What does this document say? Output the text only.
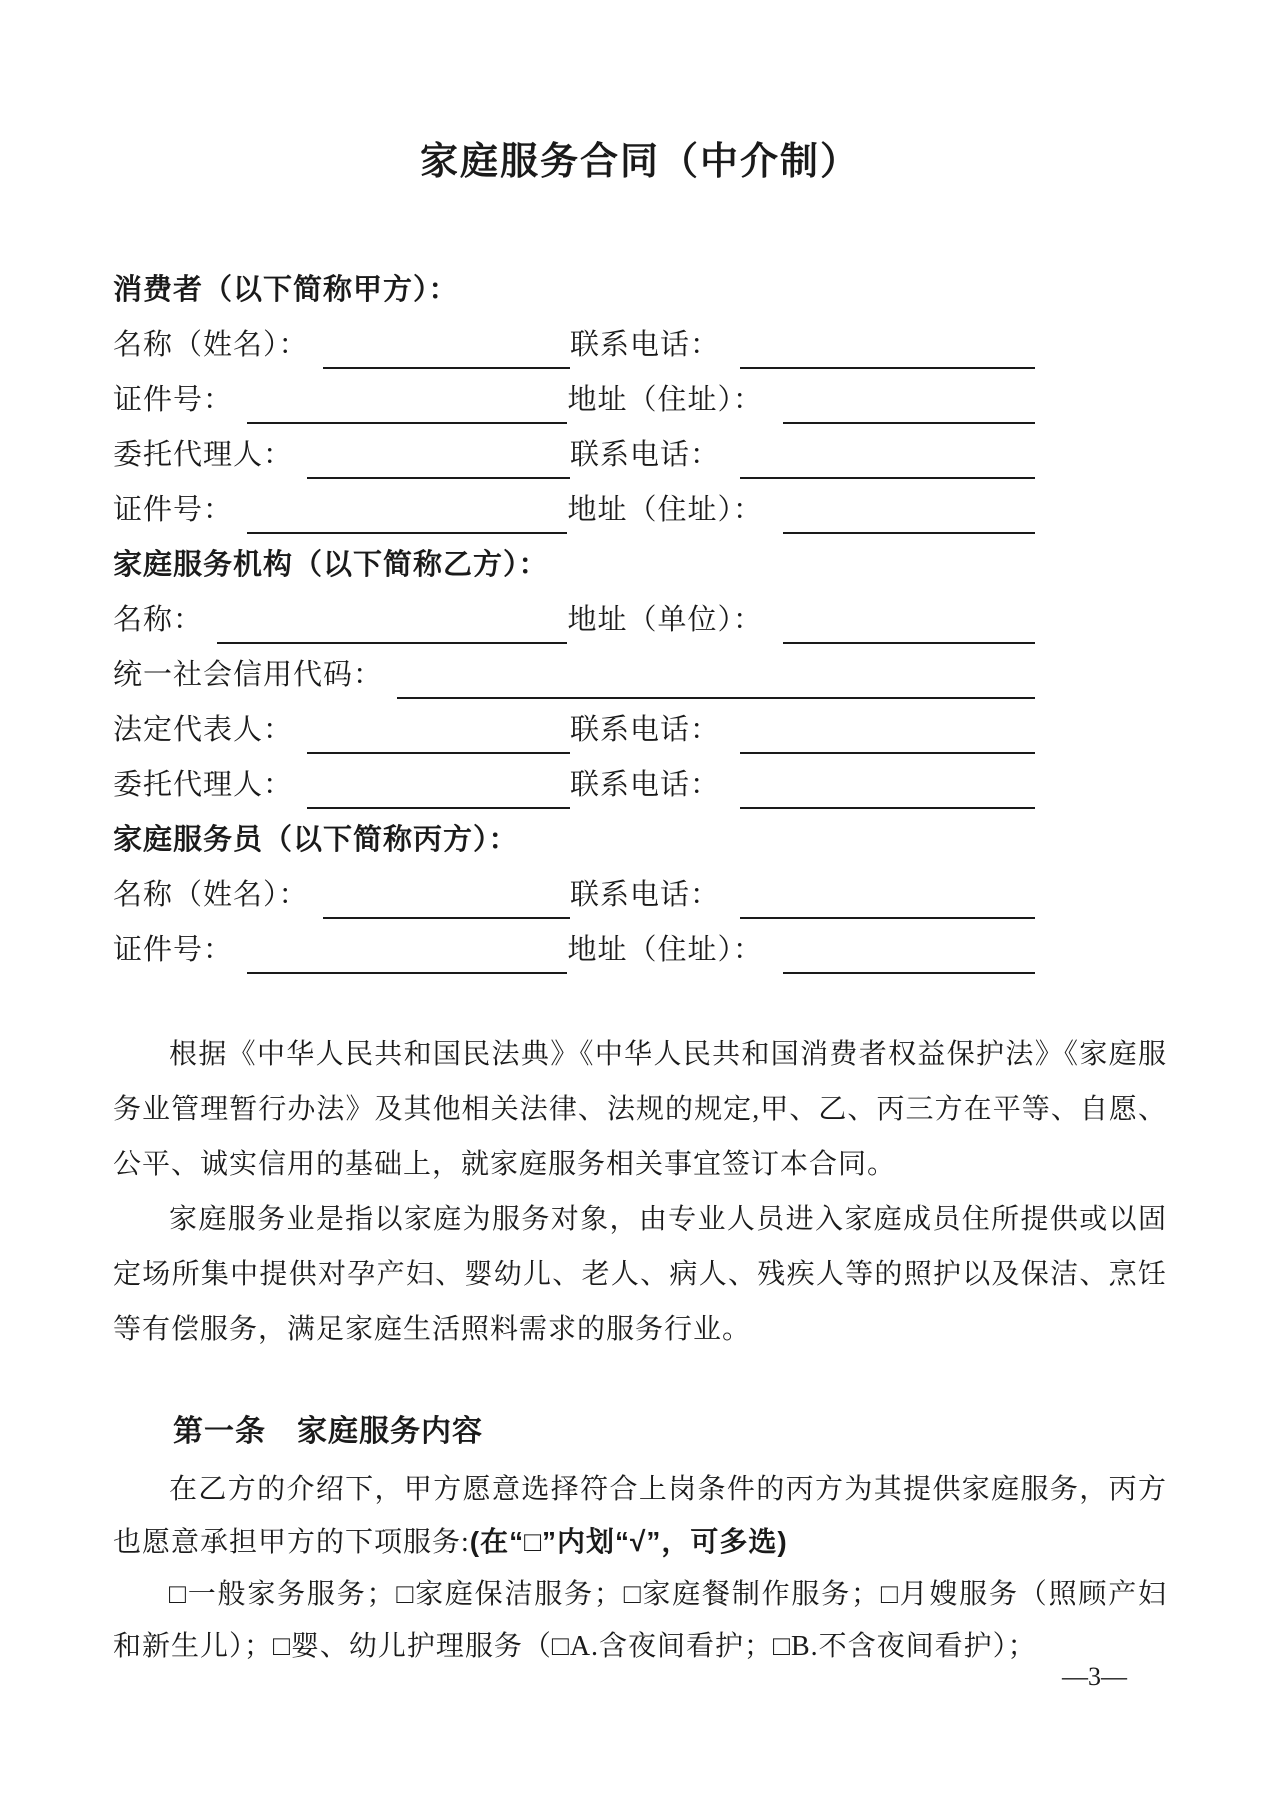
家庭服务合同（中介制）
消费者（以下简称甲方）：
名称（姓名）：	联系电话：
证件号：	地址（住址）：
委托代理人：	联系电话：
证件号：	地址（住址）：
家庭服务机构（以下简称乙方）：
名称：	地址（单位）：
统一社会信用代码：
法定代表人：	联系电话：
委托代理人：	联系电话：
家庭服务员（以下简称丙方）：
名称（姓名）：	联系电话：
证件号：	地址（住址）：

根据《中华人民共和国民法典》《中华人民共和国消费者权益保护法》《家庭服务业管理暂行办法》及其他相关法律、法规的规定,甲、乙、丙三方在平等、自愿、公平、诚实信用的基础上，就家庭服务相关事宜签订本合同。

家庭服务业是指以家庭为服务对象，由专业人员进入家庭成员住所提供或以固定场所集中提供对孕产妇、婴幼儿、老人、病人、残疾人等的照护以及保洁、烹饪等有偿服务，满足家庭生活照料需求的服务行业。

第一条　家庭服务内容

在乙方的介绍下，甲方愿意选择符合上岗条件的丙方为其提供家庭服务，丙方也愿意承担甲方的下项服务:(在“□”内划“√”，可多选)

□一般家务服务；□家庭保洁服务；□家庭餐制作服务；□月嫂服务（照顾产妇和新生儿）；□婴、幼儿护理服务（□A.含夜间看护；□B.不含夜间看护）；

—3—
